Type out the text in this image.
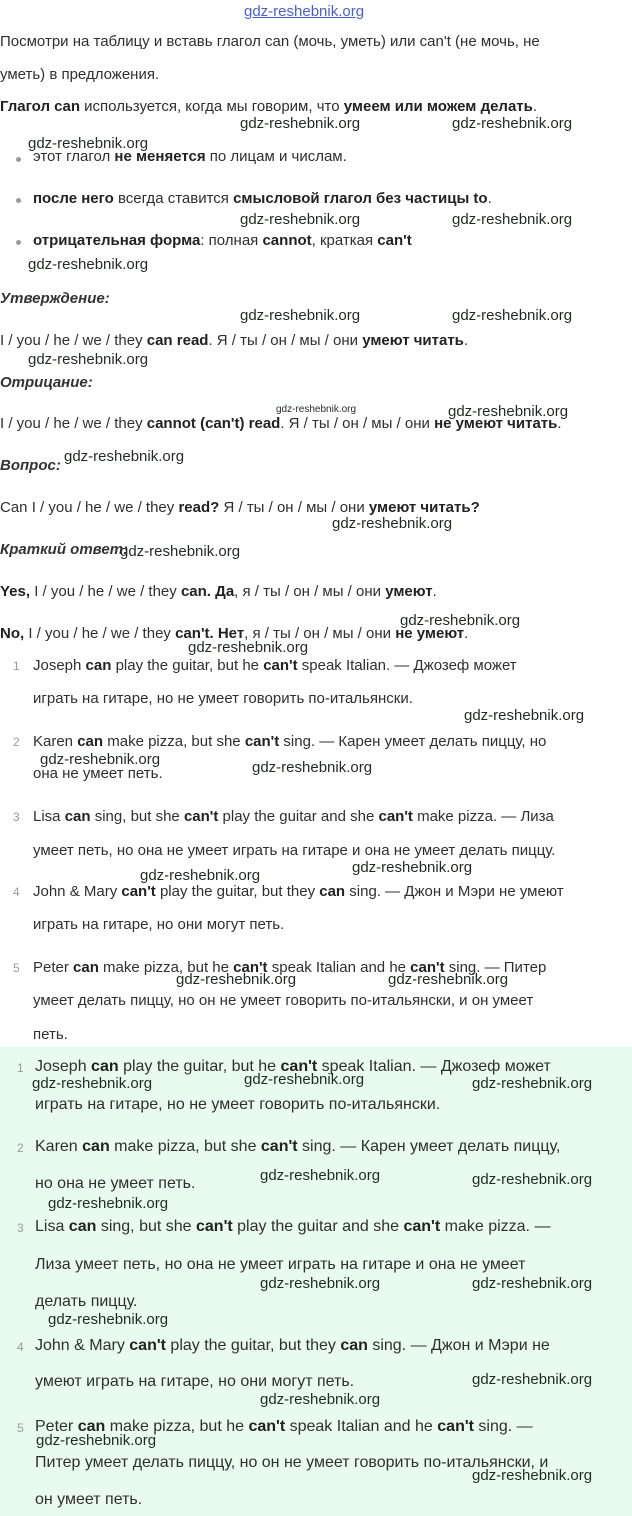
Посмотри на таблицу и вставь глагол can (мочь, уметь) или can't (не мочь, не
уметь) в предложения.
Глагол can используется, когда мы говорим, что умеем или можем делать.
этот глагол не меняется по лицам и числам.
после него всегда ставится смысловой глагол без частицы to.
отрицательная форма: полная cannot, краткая can't
Утверждение:
I / you / he / we / they can read. Я / ты / он / мы / они умеют читать.
Отрицание:
I / you / he / we / they cannot (can't) read. Я / ты / он / мы / они не умеют читать.
Вопрос:
Can I / you / he / we / they read? Я / ты / он / мы / они умеют читать?
Краткий ответ:
Yes, I / you / he / we / they can. Да, я / ты / он / мы / они умеют.
No, I / you / he / we / they can't. Нет, я / ты / он / мы / они не умеют.
1 Joseph can play the guitar, but he can't speak Italian. — Джозеф может
играть на гитаре, но не умеет говорить по-итальянски.
2 Karen can make pizza, but she can't sing. — Карен умеет делать пиццу, но
она не умеет петь.
3 Lisa can sing, but she can't play the guitar and she can't make pizza. — Лиза
умеет петь, но она не умеет играть на гитаре и она не умеет делать пиццу.
4 John & Mary can't play the guitar, but they can sing. — Джон и Мэри не умеют
играть на гитаре, но они могут петь.
5 Peter can make pizza, but he can't speak Italian and he can't sing. — Питер
умеет делать пиццу, но он не умеет говорить по-итальянски, и он умеет
петь.
1 Joseph can play the guitar, but he can't speak Italian. — Джозеф может
играть на гитаре, но не умеет говорить по-итальянски.
2 Karen can make pizza, but she can't sing. — Карен умеет делать пиццу,
но она не умеет петь.
3 Lisa can sing, but she can't play the guitar and she can't make pizza. —
Лиза умеет петь, но она не умеет играть на гитаре и она не умеет
делать пиццу.
4 John & Mary can't play the guitar, but they can sing. — Джон и Мэри не
умеют играть на гитаре, но они могут петь.
5 Peter can make pizza, but he can't speak Italian and he can't sing. —
Питер умеет делать пиццу, но он не умеет говорить по-итальянски, и
он умеет петь.
gdz-reshebnik.org
gdz-reshebnik.org
gdz-reshebnik.org	gdz-reshebnik.org
gdz-reshebnik.org	gdz-reshebnik.org
gdz-reshebnik.org
gdz-reshebnik.org	gdz-reshebnik.org
gdz-reshebnik.org
gdz-reshebnik.org	gdz-reshebnik.org
gdz-reshebnik.org
gdz-reshebnik.org
gdz-reshebnik.org
gdz-reshebnik.org
gdz-reshebnik.org
gdz-reshebnik.org
gdz-reshebnik.org	gdz-reshebnik.org
gdz-reshebnik.org	gdz-reshebnik.org
gdz-reshebnik.org	gdz-reshebnik.org
gdz-reshebnik.org	gdz-reshebnik.org	gdz-reshebnik.org
gdz-reshebnik.org	gdz-reshebnik.org
gdz-reshebnik.org
gdz-reshebnik.org	gdz-reshebnik.org
gdz-reshebnik.org
gdz-reshebnik.org
gdz-reshebnik.org
gdz-reshebnik.org
gdz-reshebnik.org
